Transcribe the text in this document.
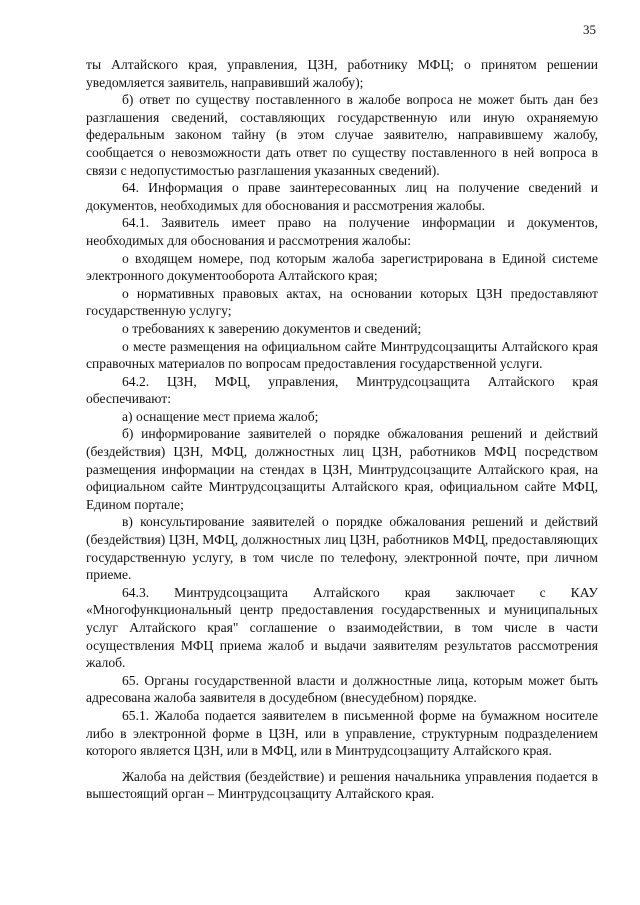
35

ты Алтайского края, управления, ЦЗН, работнику МФЦ; о принятом решении уведомляется заявитель, направивший жалобу);

б) ответ по существу поставленного в жалобе вопроса не может быть дан без разглашения сведений, составляющих государственную или иную охраняемую федеральным законом тайну (в этом случае заявителю, направившему жалобу, сообщается о невозможности дать ответ по существу поставленного в ней вопроса в связи с недопустимостью разглашения указанных сведений).

64. Информация о праве заинтересованных лиц на получение сведений и документов, необходимых для обоснования и рассмотрения жалобы.

64.1. Заявитель имеет право на получение информации и документов, необходимых для обоснования и рассмотрения жалобы:

о входящем номере, под которым жалоба зарегистрирована в Единой системе электронного документооборота Алтайского края;

о нормативных правовых актах, на основании которых ЦЗН предоставляют государственную услугу;

о требованиях к заверению документов и сведений;

о месте размещения на официальном сайте Минтрудсоцзащиты Алтайского края справочных материалов по вопросам предоставления государственной услуги.

64.2. ЦЗН, МФЦ, управления, Минтрудсоцзащита Алтайского края обеспечивают:

а) оснащение мест приема жалоб;

б) информирование заявителей о порядке обжалования решений и действий (бездействия) ЦЗН, МФЦ, должностных лиц ЦЗН, работников МФЦ посредством размещения информации на стендах в ЦЗН, Минтрудсоцзащите Алтайского края, на официальном сайте Минтрудсоцзащиты Алтайского края, официальном сайте МФЦ, Едином портале;

в) консультирование заявителей о порядке обжалования решений и действий (бездействия) ЦЗН, МФЦ, должностных лиц ЦЗН, работников МФЦ, предоставляющих государственную услугу, в том числе по телефону, электронной почте, при личном приеме.

64.3. Минтрудсоцзащита Алтайского края заключает с КАУ «Многофункциональный центр предоставления государственных и муниципальных услуг Алтайского края" соглашение о взаимодействии, в том числе в части осуществления МФЦ приема жалоб и выдачи заявителям результатов рассмотрения жалоб.

65. Органы государственной власти и должностные лица, которым может быть адресована жалоба заявителя в досудебном (внесудебном) порядке.

65.1. Жалоба подается заявителем в письменной форме на бумажном носителе либо в электронной форме в ЦЗН, или в управление, структурным подразделением которого является ЦЗН, или в МФЦ, или в Минтрудсоцзащиту Алтайского края.

Жалоба на действия (бездействие) и решения начальника управления подается в вышестоящий орган – Минтрудсоцзащиту Алтайского края.
